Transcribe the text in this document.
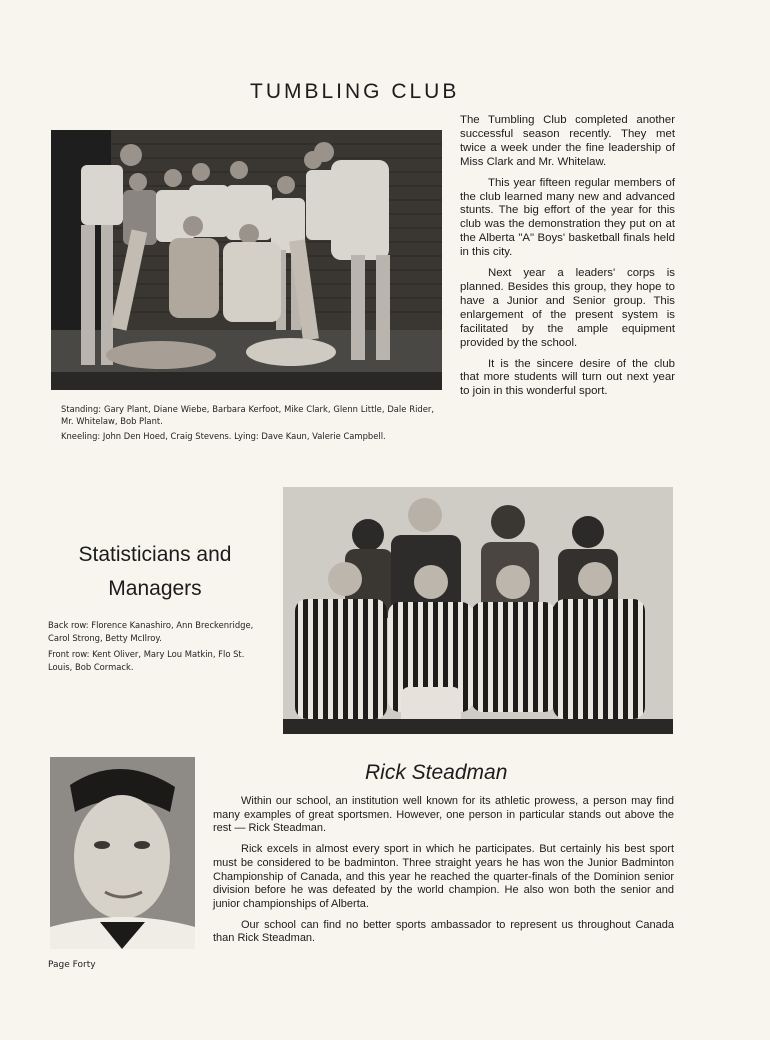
TUMBLING CLUB

Standing: Gary Plant, Diane Wiebe, Barbara Kerfoot, Mike Clark, Glenn Little, Dale Rider, Mr. Whitelaw, Bob Plant.

Kneeling: John Den Hoed, Craig Stevens. Lying: Dave Kaun, Valerie Campbell.

The Tumbling Club completed another successful season recently. They met twice a week under the fine leadership of Miss Clark and Mr. Whitelaw.

This year fifteen regular members of the club learned many new and advanced stunts. The big effort of the year for this club was the demonstration they put on at the Alberta "A" Boys' basketball finals held in this city.

Next year a leaders' corps is planned. Besides this group, they hope to have a Junior and Senior group. This enlargement of the present system is facilitated by the ample equipment provided by the school.

It is the sincere desire of the club that more students will turn out next year to join in this wonderful sport.

Statisticians and
Managers

Back row: Florence Kanashiro, Ann Breckenridge, Carol Strong, Betty McIlroy.

Front row: Kent Oliver, Mary Lou Matkin, Flo St. Louis, Bob Cormack.

Rick Steadman

Within our school, an institution well known for its athletic prowess, a person may find many examples of great sportsmen. However, one person in particular stands out above the rest — Rick Steadman.

Rick excels in almost every sport in which he participates. But certainly his best sport must be considered to be badminton. Three straight years he has won the Junior Badminton Championship of Canada, and this year he reached the quarter-finals of the Dominion senior division before he was defeated by the world champion. He also won both the senior and junior championships of Alberta.

Our school can find no better sports ambassador to represent us throughout Canada than Rick Steadman.

Page Forty
